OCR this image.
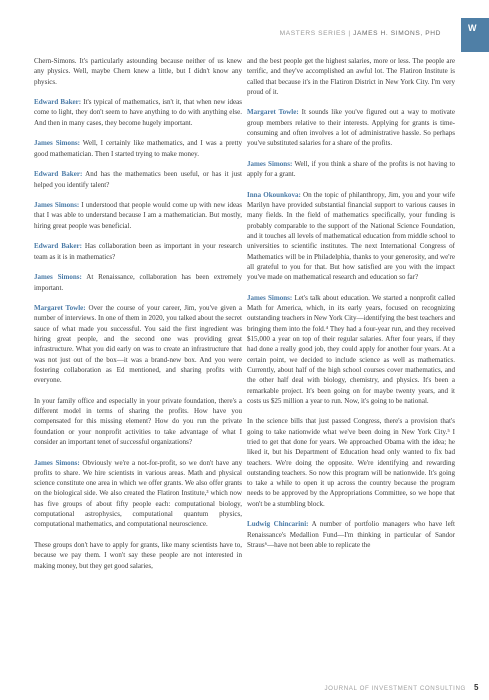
MASTERS SERIES | JAMES H. SIMONS, PHD
W

Chern-Simons. It's particularly astounding because neither of us knew any physics. Well, maybe Chern knew a little, but I didn't know any physics.

Edward Baker: It's typical of mathematics, isn't it, that when new ideas come to light, they don't seem to have anything to do with anything else. And then in many cases, they become hugely important.

James Simons: Well, I certainly like mathematics, and I was a pretty good mathematician. Then I started trying to make money.

Edward Baker: And has the mathematics been useful, or has it just helped you identify talent?

James Simons: I understood that people would come up with new ideas that I was able to understand because I am a mathematician. But mostly, hiring great people was beneficial.

Edward Baker: Has collaboration been as important in your research team as it is in mathematics?

James Simons: At Renaissance, collaboration has been extremely important.

Margaret Towle: Over the course of your career, Jim, you've given a number of interviews. In one of them in 2020, you talked about the secret sauce of what made you successful. You said the first ingredient was hiring great people, and the second one was providing great infrastructure. What you did early on was to create an infrastructure that was not just out of the box—it was a brand-new box. And you were fostering collaboration as Ed mentioned, and sharing profits with everyone.

In your family office and especially in your private foundation, there's a different model in terms of sharing the profits. How have you compensated for this missing element? How do you run the private foundation or your nonprofit activities to take advantage of what I consider an important tenet of successful organizations?

James Simons: Obviously we're a not-for-profit, so we don't have any profits to share. We hire scientists in various areas. Math and physical science constitute one area in which we offer grants. We also offer grants on the biological side. We also created the Flatiron Institute,³ which now has five groups of about fifty people each: computational biology, computational astrophysics, computational quantum physics, computational mathematics, and computational neuroscience.

These groups don't have to apply for grants, like many scientists have to, because we pay them. I won't say these people are not interested in making money, but they get good salaries,

and the best people get the highest salaries, more or less. The people are terrific, and they've accomplished an awful lot. The Flatiron Institute is called that because it's in the Flatiron District in New York City. I'm very proud of it.

Margaret Towle: It sounds like you've figured out a way to motivate group members relative to their interests. Applying for grants is time-consuming and often involves a lot of administrative hassle. So perhaps you've substituted salaries for a share of the profits.

James Simons: Well, if you think a share of the profits is not having to apply for a grant.

Inna Okounkova: On the topic of philanthropy, Jim, you and your wife Marilyn have provided substantial financial support to various causes in many fields. In the field of mathematics specifically, your funding is probably comparable to the support of the National Science Foundation, and it touches all levels of mathematical education from middle school to universities to scientific institutes. The next International Congress of Mathematics will be in Philadelphia, thanks to your generosity, and we're all grateful to you for that. But how satisfied are you with the impact you've made on mathematical research and education so far?

James Simons: Let's talk about education. We started a nonprofit called Math for America, which, in its early years, focused on recognizing outstanding teachers in New York City—identifying the best teachers and bringing them into the fold.⁴ They had a four-year run, and they received $15,000 a year on top of their regular salaries. After four years, if they had done a really good job, they could apply for another four years. At a certain point, we decided to include science as well as mathematics. Currently, about half of the high school courses cover mathematics, and the other half deal with biology, chemistry, and physics. It's been a remarkable project. It's been going on for maybe twenty years, and it costs us $25 million a year to run. Now, it's going to be national.

In the science bills that just passed Congress, there's a provision that's going to take nationwide what we've been doing in New York City.⁵ I tried to get that done for years. We approached Obama with the idea; he liked it, but his Department of Education head only wanted to fix bad teachers. We're doing the opposite. We're identifying and rewarding outstanding teachers. So now this program will be nationwide. It's going to take a while to open it up across the country because the program needs to be approved by the Appropriations Committee, so we hope that won't be a stumbling block.

Ludwig Chincarini: A number of portfolio managers who have left Renaissance's Medallion Fund—I'm thinking in particular of Sandor Straus⁶—have not been able to replicate the

JOURNAL OF INVESTMENT CONSULTING 5
